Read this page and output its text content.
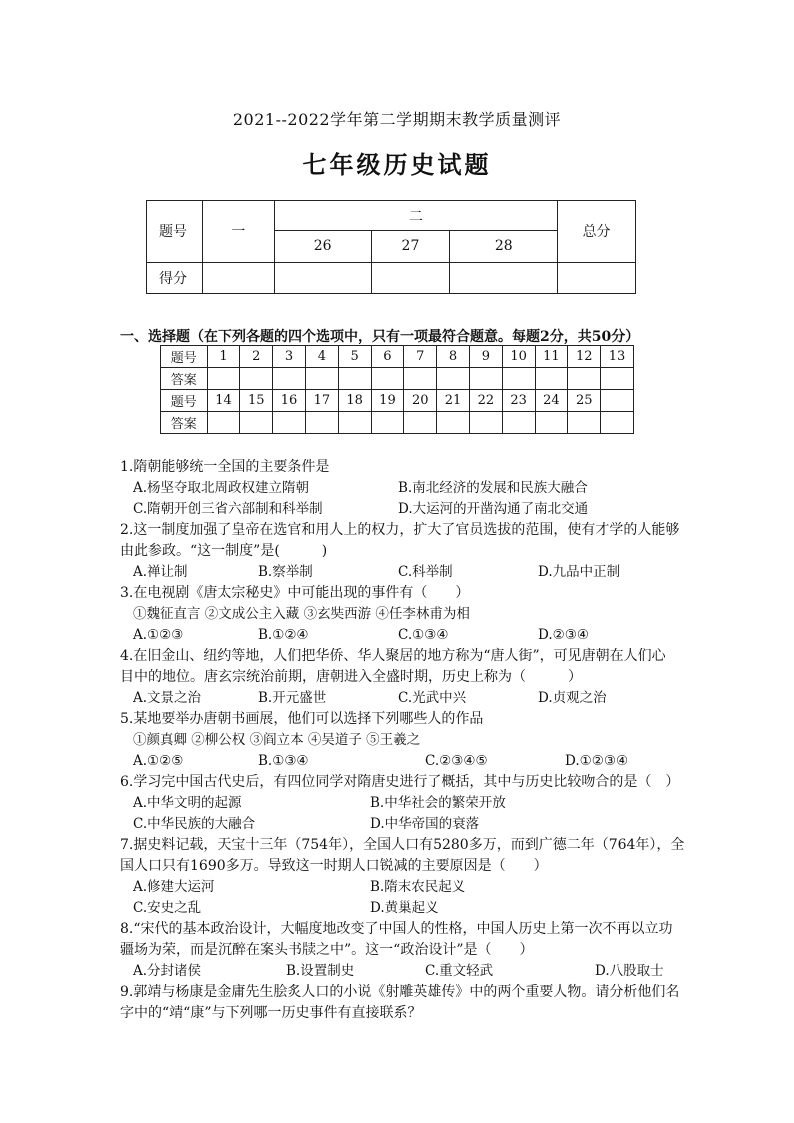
2021--2022学年第二学期期末教学质量测评
七年级历史试题
题号	一	二			总分
		26	27	28	
得分					
一、选择题（在下列各题的四个选项中，只有一项最符合题意。每题2分，共50分）
题号	1	2	3	4	5	6	7	8	9	10	11	12	13
答案													
题号	14	15	16	17	18	19	20	21	22	23	24	25	
答案													
1.隋朝能够统一全国的主要条件是
A.杨坚夺取北周政权建立隋朝	B.南北经济的发展和民族大融合
C.隋朝开创三省六部制和科举制	D.大运河的开凿沟通了南北交通
2.这一制度加强了皇帝在选官和用人上的权力，扩大了官员选拔的范围，使有才学的人能够
由此参政。“这一制度”是(　　　)
A.禅让制	B.察举制	C.科举制	D.九品中正制
3.在电视剧《唐太宗秘史》中可能出现的事件有（　　）
①魏征直言 ②文成公主入藏 ③玄奘西游 ④任李林甫为相
A.①②③	B.①②④	C.①③④	D.②③④
4.在旧金山、纽约等地，人们把华侨、华人聚居的地方称为“唐人街”，可见唐朝在人们心
目中的地位。唐玄宗统治前期，唐朝进入全盛时期，历史上称为（　　　）
A.文景之治	B.开元盛世	C.光武中兴	D.贞观之治
5.某地要举办唐朝书画展，他们可以选择下列哪些人的作品
①颜真卿 ②柳公权 ③阎立本 ④吴道子 ⑤王羲之
A.①②⑤	B.①③④	C.②③④⑤	D.①②③④
6.学习完中国古代史后，有四位同学对隋唐史进行了概括，其中与历史比较吻合的是（　）
A.中华文明的起源	B.中华社会的繁荣开放
C.中华民族的大融合	D.中华帝国的衰落
7.据史料记载，天宝十三年（754年），全国人口有5280多万，而到广德二年（764年），全
国人口只有1690多万。导致这一时期人口锐减的主要原因是（　　）
A.修建大运河	B.隋末农民起义
C.安史之乱	D.黄巢起义
8.“宋代的基本政治设计，大幅度地改变了中国人的性格，中国人历史上第一次不再以立功
疆场为荣，而是沉醉在案头书牍之中”。这一“政治设计”是（　　）
A.分封诸侯	B.设置制史	C.重文轻武	D.八股取士
9.郭靖与杨康是金庸先生脍炙人口的小说《射雕英雄传》中的两个重要人物。请分析他们名
字中的“靖“康”与下列哪一历史事件有直接联系？
